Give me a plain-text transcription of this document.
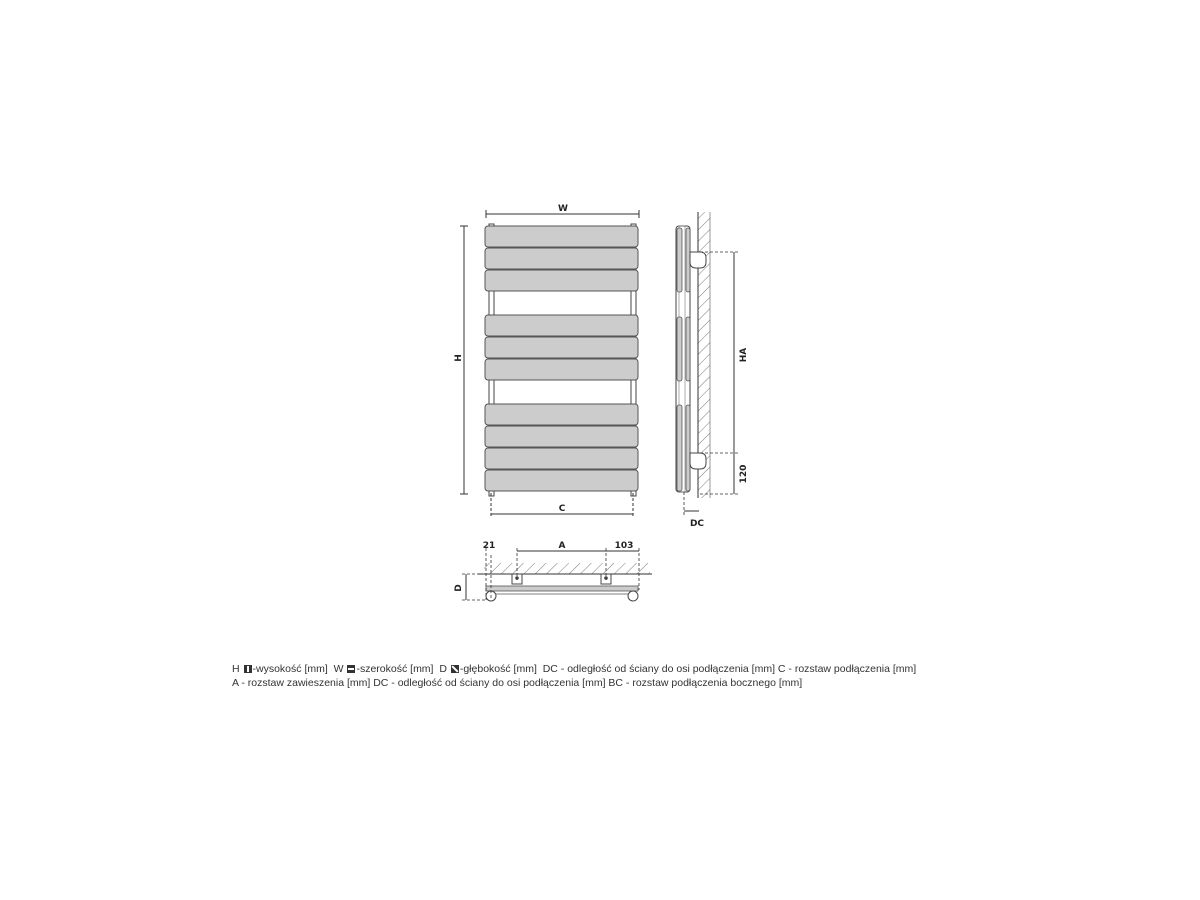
W
H
C
HA
120
DC
A	103
21
D
H -wysokość [mm] W -szerokość [mm] D -głębokość [mm] DC - odległość od ściany do osi podłączenia [mm] C - rozstaw podłączenia [mm]
A - rozstaw zawieszenia [mm] DC - odległość od ściany do osi podłączenia [mm] BC - rozstaw podłączenia bocznego [mm]
